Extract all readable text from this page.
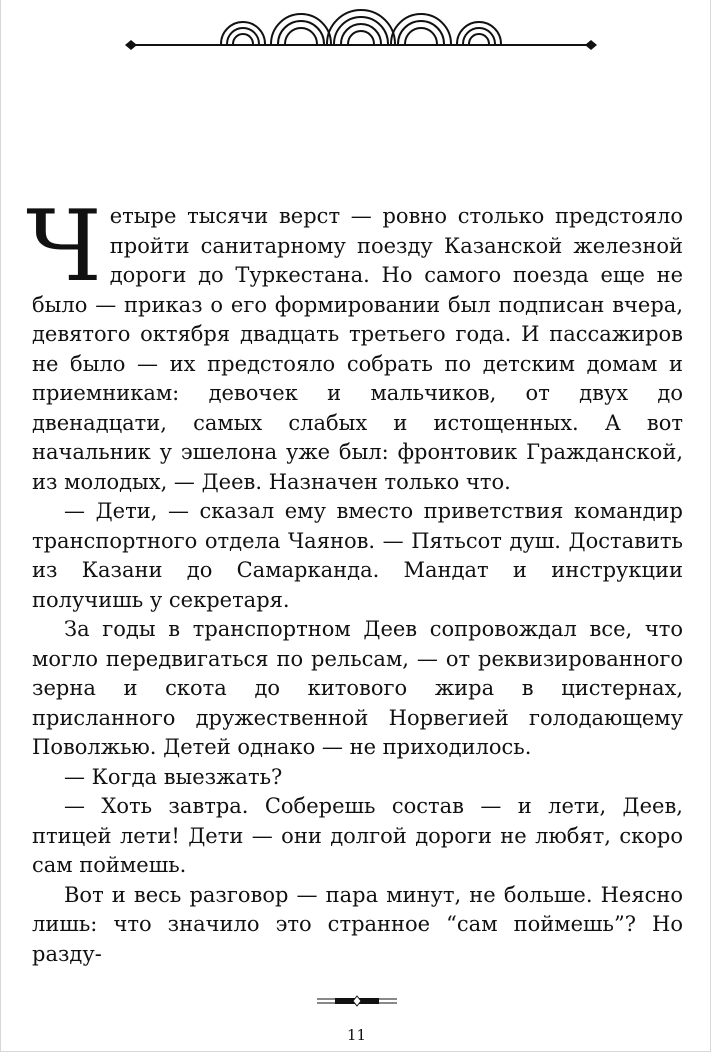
Четыре тысячи верст — ровно столько предстояло пройти санитарному поезду Казанской железной дороги до Туркестана. Но самого поезда еще не было — приказ о его формировании был подписан вчера, девятого октября двадцать третьего года. И пассажиров не было — их предстояло собрать по детским домам и приемникам: девочек и мальчиков, от двух до двенадцати, самых слабых и истощенных. А вот начальник у эшелона уже был: фронтовик Гражданской, из молодых, — Деев. Назначен только что.

— Дети, — сказал ему вместо приветствия командир транспортного отдела Чаянов. — Пятьсот душ. Доставить из Казани до Самарканда. Мандат и инструкции получишь у секретаря.

За годы в транспортном Деев сопровождал все, что могло передвигаться по рельсам, — от реквизированного зерна и скота до китового жира в цистернах, присланного дружественной Норвегией голодающему Поволжью. Детей однако — не приходилось.

— Когда выезжать?

— Хоть завтра. Соберешь состав — и лети, Деев, птицей лети! Дети — они долгой дороги не любят, скоро сам поймешь.

Вот и весь разговор — пара минут, не больше. Неясно лишь: что значило это странное “сам поймешь”? Но разду-

11
